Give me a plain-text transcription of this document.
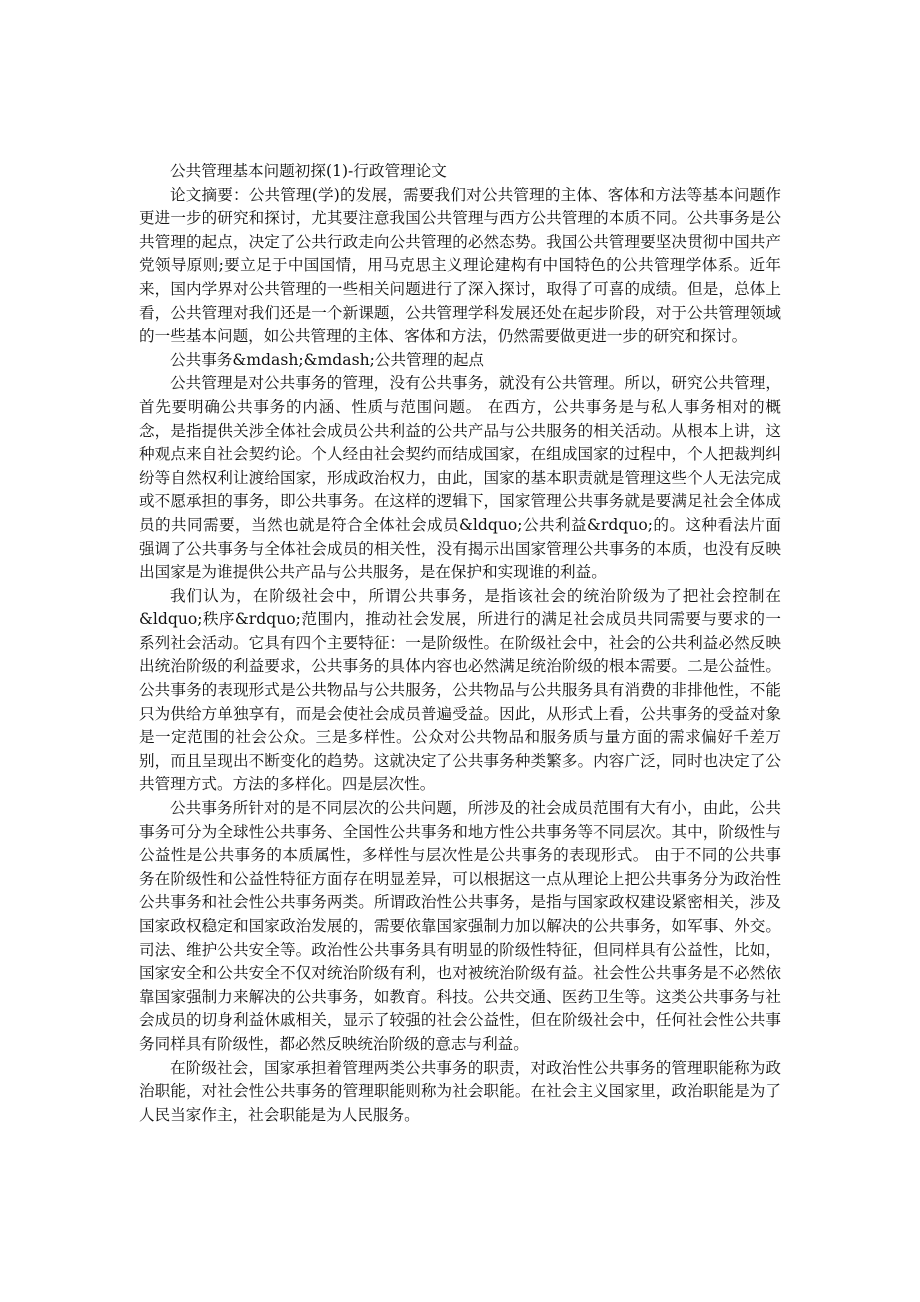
公共管理基本问题初探(1)-行政管理论文

论文摘要：公共管理(学)的发展，需要我们对公共管理的主体、客体和方法等基本问题作更进一步的研究和探讨，尤其要注意我国公共管理与西方公共管理的本质不同。公共事务是公共管理的起点，决定了公共行政走向公共管理的必然态势。我国公共管理要坚决贯彻中国共产党领导原则;要立足于中国国情，用马克思主义理论建构有中国特色的公共管理学体系。近年来，国内学界对公共管理的一些相关问题进行了深入探讨，取得了可喜的成绩。但是，总体上看，公共管理对我们还是一个新课题，公共管理学科发展还处在起步阶段，对于公共管理领域的一些基本问题，如公共管理的主体、客体和方法，仍然需要做更进一步的研究和探讨。

公共事务&mdash;&mdash;公共管理的起点

公共管理是对公共事务的管理，没有公共事务，就没有公共管理。所以，研究公共管理，首先要明确公共事务的内涵、性质与范围问题。 在西方，公共事务是与私人事务相对的概念，是指提供关涉全体社会成员公共利益的公共产品与公共服务的相关活动。从根本上讲，这种观点来自社会契约论。个人经由社会契约而结成国家，在组成国家的过程中，个人把裁判纠纷等自然权利让渡给国家，形成政治权力，由此，国家的基本职责就是管理这些个人无法完成或不愿承担的事务，即公共事务。在这样的逻辑下，国家管理公共事务就是要满足社会全体成员的共同需要，当然也就是符合全体社会成员&ldquo;公共利益&rdquo;的。这种看法片面强调了公共事务与全体社会成员的相关性，没有揭示出国家管理公共事务的本质，也没有反映出国家是为谁提供公共产品与公共服务，是在保护和实现谁的利益。

我们认为，在阶级社会中，所谓公共事务，是指该社会的统治阶级为了把社会控制在&ldquo;秩序&rdquo;范围内，推动社会发展，所进行的满足社会成员共同需要与要求的一系列社会活动。它具有四个主要特征：一是阶级性。在阶级社会中，社会的公共利益必然反映出统治阶级的利益要求，公共事务的具体内容也必然满足统治阶级的根本需要。二是公益性。公共事务的表现形式是公共物品与公共服务，公共物品与公共服务具有消费的非排他性，不能只为供给方单独享有，而是会使社会成员普遍受益。因此，从形式上看，公共事务的受益对象是一定范围的社会公众。三是多样性。公众对公共物品和服务质与量方面的需求偏好千差万别，而且呈现出不断变化的趋势。这就决定了公共事务种类繁多。内容广泛，同时也决定了公共管理方式。方法的多样化。四是层次性。

公共事务所针对的是不同层次的公共问题，所涉及的社会成员范围有大有小，由此，公共事务可分为全球性公共事务、全国性公共事务和地方性公共事务等不同层次。其中，阶级性与公益性是公共事务的本质属性，多样性与层次性是公共事务的表现形式。 由于不同的公共事务在阶级性和公益性特征方面存在明显差异，可以根据这一点从理论上把公共事务分为政治性公共事务和社会性公共事务两类。所谓政治性公共事务，是指与国家政权建设紧密相关，涉及国家政权稳定和国家政治发展的，需要依靠国家强制力加以解决的公共事务，如军事、外交。司法、维护公共安全等。政治性公共事务具有明显的阶级性特征，但同样具有公益性，比如，国家安全和公共安全不仅对统治阶级有利，也对被统治阶级有益。社会性公共事务是不必然依靠国家强制力来解决的公共事务，如教育。科技。公共交通、医药卫生等。这类公共事务与社会成员的切身利益休戚相关，显示了较强的社会公益性，但在阶级社会中，任何社会性公共事务同样具有阶级性，都必然反映统治阶级的意志与利益。

在阶级社会，国家承担着管理两类公共事务的职责，对政治性公共事务的管理职能称为政治职能，对社会性公共事务的管理职能则称为社会职能。在社会主义国家里，政治职能是为了人民当家作主，社会职能是为人民服务。
